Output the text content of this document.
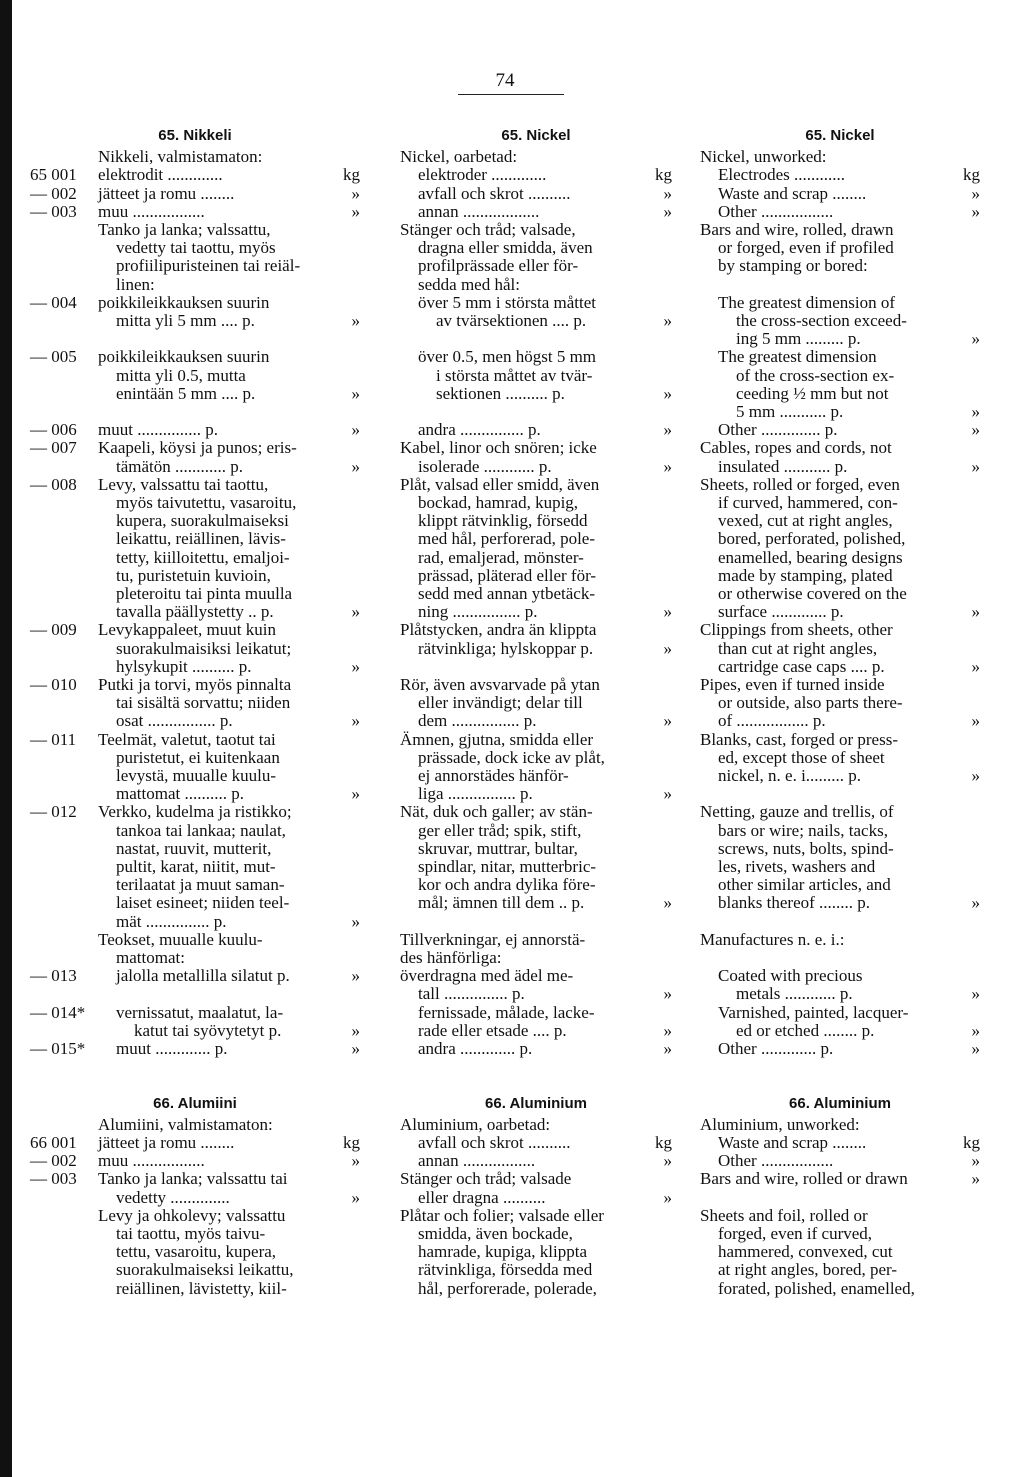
74
65. Nikkeli
Nikkeli, valmistamaton:
65 001	elektrodit .............	kg
— 002	jätteet ja romu ........	»
— 003	muu .................	»
Tanko ja lanka; valssattu,
vedetty tai taottu, myös
profiilipuristeinen tai reiäl-
linen:
— 004	poikkileikkauksen suurin
mitta yli 5 mm .... p.	»
— 005	poikkileikkauksen suurin
mitta yli 0.5, mutta
enintään 5 mm .... p.	»
— 006	muut ............... p.	»
— 007	Kaapeli, köysi ja punos; eris-
tämätön ............ p.	»
— 008	Levy, valssattu tai taottu,
myös taivutettu, vasaroitu,
kupera, suorakulmaiseksi
leikattu, reiällinen, lävis-
tetty, kiilloitettu, emaljoi-
tu, puristetuin kuvioin,
pleteroitu tai pinta muulla
tavalla päällystetty .. p.	»
— 009	Levykappaleet, muut kuin
suorakulmaisiksi leikatut;
hylsykupit .......... p.	»
— 010	Putki ja torvi, myös pinnalta
tai sisältä sorvattu; niiden
osat ................ p.	»
— 011	Teelmät, valetut, taotut tai
puristetut, ei kuitenkaan
levystä, muualle kuulu-
mattomat .......... p.	»
— 012	Verkko, kudelma ja ristikko;
tankoa tai lankaa; naulat,
nastat, ruuvit, mutterit,
pultit, karat, niitit, mut-
terilaatat ja muut saman-
laiset esineet; niiden teel-
mät ............... p.	»
Teokset, muualle kuulu-
mattomat:
— 013	jalolla metallilla silatut p.	»
— 014*	vernissatut, maalatut, la-
katut tai syövytetyt p.	»
— 015*	muut ............. p.	»
66. Alumiini
Alumiini, valmistamaton:
66 001	jätteet ja romu ........	kg
— 002	muu .................	»
— 003	Tanko ja lanka; valssattu tai
vedetty ..............	»
Levy ja ohkolevy; valssattu
tai taottu, myös taivu-
tettu, vasaroitu, kupera,
suorakulmaiseksi leikattu,
reiällinen, lävistetty, kiil-
65. Nickel
Nickel, oarbetad:
elektroder .............	kg
avfall och skrot ..........	»
annan ..................	»
Stänger och tråd; valsade,
dragna eller smidda, även
profilprässade eller för-
sedda med hål:
över 5 mm i största måttet
av tvärsektionen .... p.	»
över 0.5, men högst 5 mm
i största måttet av tvär-
sektionen .......... p.	»
andra ............... p.	»
Kabel, linor och snören; icke
isolerade ............ p.	»
Plåt, valsad eller smidd, även
bockad, hamrad, kupig,
klippt rätvinklig, försedd
med hål, perforerad, pole-
rad, emaljerad, mönster-
prässad, pläterad eller för-
sedd med annan ytbetäck-
ning ................ p.	»
Plåtstycken, andra än klippta
rätvinkliga; hylskoppar p.	»
Rör, även avsvarvade på ytan
eller invändigt; delar till
dem ................ p.	»
Ämnen, gjutna, smidda eller
prässade, dock icke av plåt,
ej annorstädes hänför-
liga ................ p.	»
Nät, duk och galler; av stän-
ger eller tråd; spik, stift,
skruvar, muttrar, bultar,
spindlar, nitar, mutterbric-
kor och andra dylika före-
mål; ämnen till dem .. p.	»
Tillverkningar, ej annorstä-
des hänförliga:
överdragna med ädel me-
tall ............... p.	»
fernissade, målade, lacke-
rade eller etsade .... p.	»
andra ............. p.	»
66. Aluminium
Aluminium, oarbetad:
avfall och skrot ..........	kg
annan .................	»
Stänger och tråd; valsade
eller dragna ..........	»
Plåtar och folier; valsade eller
smidda, även bockade,
hamrade, kupiga, klippta
rätvinkliga, försedda med
hål, perforerade, polerade,
65. Nickel
Nickel, unworked:
Electrodes ............	kg
Waste and scrap ........	»
Other .................	»
Bars and wire, rolled, drawn
or forged, even if profiled
by stamping or bored:
The greatest dimension of
the cross-section exceed-
ing 5 mm ......... p.	»
The greatest dimension
of the cross-section ex-
ceeding ½ mm but not
5 mm ........... p.	»
Other .............. p.	»
Cables, ropes and cords, not
insulated ........... p.	»
Sheets, rolled or forged, even
if curved, hammered, con-
vexed, cut at right angles,
bored, perforated, polished,
enamelled, bearing designs
made by stamping, plated
or otherwise covered on the
surface ............. p.	»
Clippings from sheets, other
than cut at right angles,
cartridge case caps .... p.	»
Pipes, even if turned inside
or outside, also parts there-
of ................. p.	»
Blanks, cast, forged or press-
ed, except those of sheet
nickel, n. e. i......... p.	»
Netting, gauze and trellis, of
bars or wire; nails, tacks,
screws, nuts, bolts, spind-
les, rivets, washers and
other similar articles, and
blanks thereof ........ p.	»
Manufactures n. e. i.:
Coated with precious
metals ............ p.	»
Varnished, painted, lacquer-
ed or etched ........ p.	»
Other ............. p.	»
66. Aluminium
Aluminium, unworked:
Waste and scrap ........	kg
Other .................	»
Bars and wire, rolled or drawn	»
Sheets and foil, rolled or
forged, even if curved,
hammered, convexed, cut
at right angles, bored, per-
forated, polished, enamelled,
